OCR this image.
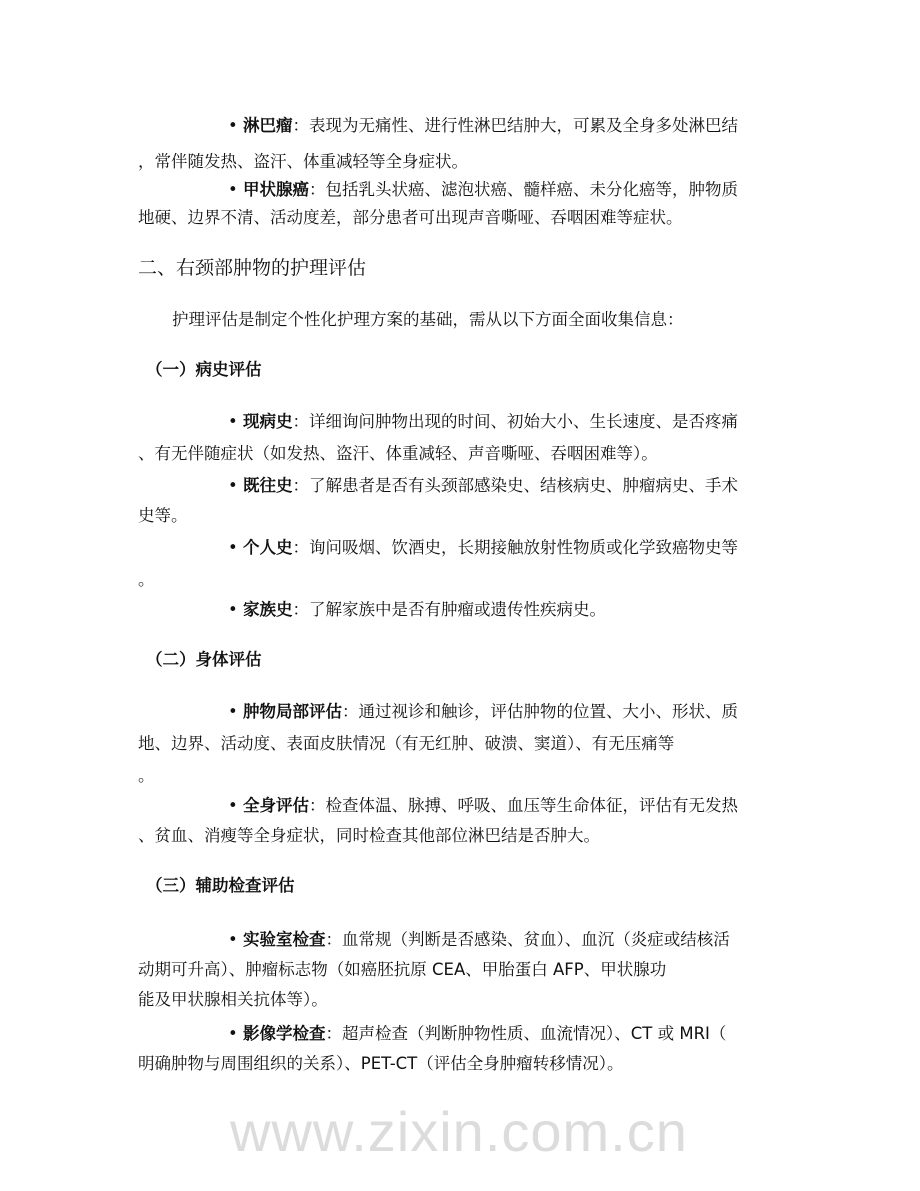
www.zixin.com.cn
• 淋巴瘤：表现为无痛性、进行性淋巴结肿大，可累及全身多处淋巴结
，常伴随发热、盗汗、体重减轻等全身症状。
• 甲状腺癌：包括乳头状癌、滤泡状癌、髓样癌、未分化癌等，肿物质
地硬、边界不清、活动度差，部分患者可出现声音嘶哑、吞咽困难等症状。
二、右颈部肿物的护理评估
护理评估是制定个性化护理方案的基础，需从以下方面全面收集信息：
（一）病史评估
• 现病史：详细询问肿物出现的时间、初始大小、生长速度、是否疼痛
、有无伴随症状（如发热、盗汗、体重减轻、声音嘶哑、吞咽困难等）。
• 既往史：了解患者是否有头颈部感染史、结核病史、肿瘤病史、手术
史等。
• 个人史：询问吸烟、饮酒史，长期接触放射性物质或化学致癌物史等
。
• 家族史：了解家族中是否有肿瘤或遗传性疾病史。
（二）身体评估
• 肿物局部评估：通过视诊和触诊，评估肿物的位置、大小、形状、质
地、边界、活动度、表面皮肤情况（有无红肿、破溃、窦道）、有无压痛等
。
• 全身评估：检查体温、脉搏、呼吸、血压等生命体征，评估有无发热
、贫血、消瘦等全身症状，同时检查其他部位淋巴结是否肿大。
（三）辅助检查评估
• 实验室检查：血常规（判断是否感染、贫血）、血沉（炎症或结核活
动期可升高）、肿瘤标志物（如癌胚抗原 CEA、甲胎蛋白 AFP、甲状腺功
能及甲状腺相关抗体等）。
• 影像学检查：超声检查（判断肿物性质、血流情况）、CT 或 MRI（
明确肿物与周围组织的关系）、PET-CT（评估全身肿瘤转移情况）。
